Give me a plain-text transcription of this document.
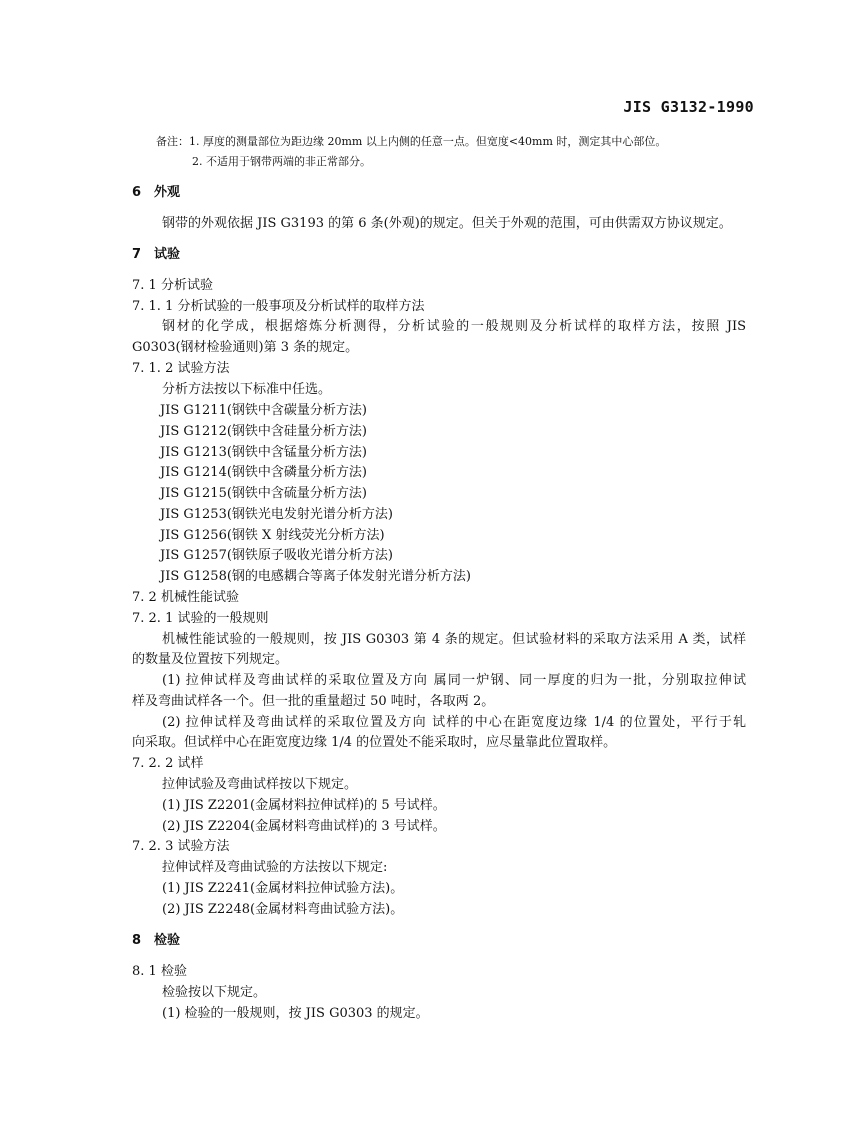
JIS G3132-1990
备注：1. 厚度的测量部位为距边缘 20mm 以上内侧的任意一点。但宽度<40mm 时，测定其中心部位。
2. 不适用于钢带两端的非正常部分。
6 外观
钢带的外观依据 JIS G3193 的第 6 条(外观)的规定。但关于外观的范围，可由供需双方协议规定。
7 试验
7. 1 分析试验
7. 1. 1 分析试验的一般事项及分析试样的取样方法
钢材的化学成，根据熔炼分析测得，分析试验的一般规则及分析试样的取样方法，按照 JIS
G0303(钢材检验通则)第 3 条的规定。
7. 1. 2 试验方法
分析方法按以下标准中任选。
JIS G1211(钢铁中含碳量分析方法)
JIS G1212(钢铁中含硅量分析方法)
JIS G1213(钢铁中含锰量分析方法)
JIS G1214(钢铁中含磷量分析方法)
JIS G1215(钢铁中含硫量分析方法)
JIS G1253(钢铁光电发射光谱分析方法)
JIS G1256(钢铁 X 射线荧光分析方法)
JIS G1257(钢铁原子吸收光谱分析方法)
JIS G1258(钢的电感耦合等离子体发射光谱分析方法)
7. 2 机械性能试验
7. 2. 1 试验的一般规则
机械性能试验的一般规则，按 JIS G0303 第 4 条的规定。但试验材料的采取方法采用 A 类，试样
的数量及位置按下列规定。
(1) 拉伸试样及弯曲试样的采取位置及方向 属同一炉钢、同一厚度的归为一批，分别取拉伸试
样及弯曲试样各一个。但一批的重量超过 50 吨时，各取两 2。
(2) 拉伸试样及弯曲试样的采取位置及方向 试样的中心在距宽度边缘 1/4 的位置处，平行于轧
向采取。但试样中心在距宽度边缘 1/4 的位置处不能采取时，应尽量靠此位置取样。
7. 2. 2 试样
拉伸试验及弯曲试样按以下规定。
(1) JIS Z2201(金属材料拉伸试样)的 5 号试样。
(2) JIS Z2204(金属材料弯曲试样)的 3 号试样。
7. 2. 3 试验方法
拉伸试样及弯曲试验的方法按以下规定:
(1) JIS Z2241(金属材料拉伸试验方法)。
(2) JIS Z2248(金属材料弯曲试验方法)。
8 检验
8. 1 检验
检验按以下规定。
(1) 检验的一般规则，按 JIS G0303 的规定。
